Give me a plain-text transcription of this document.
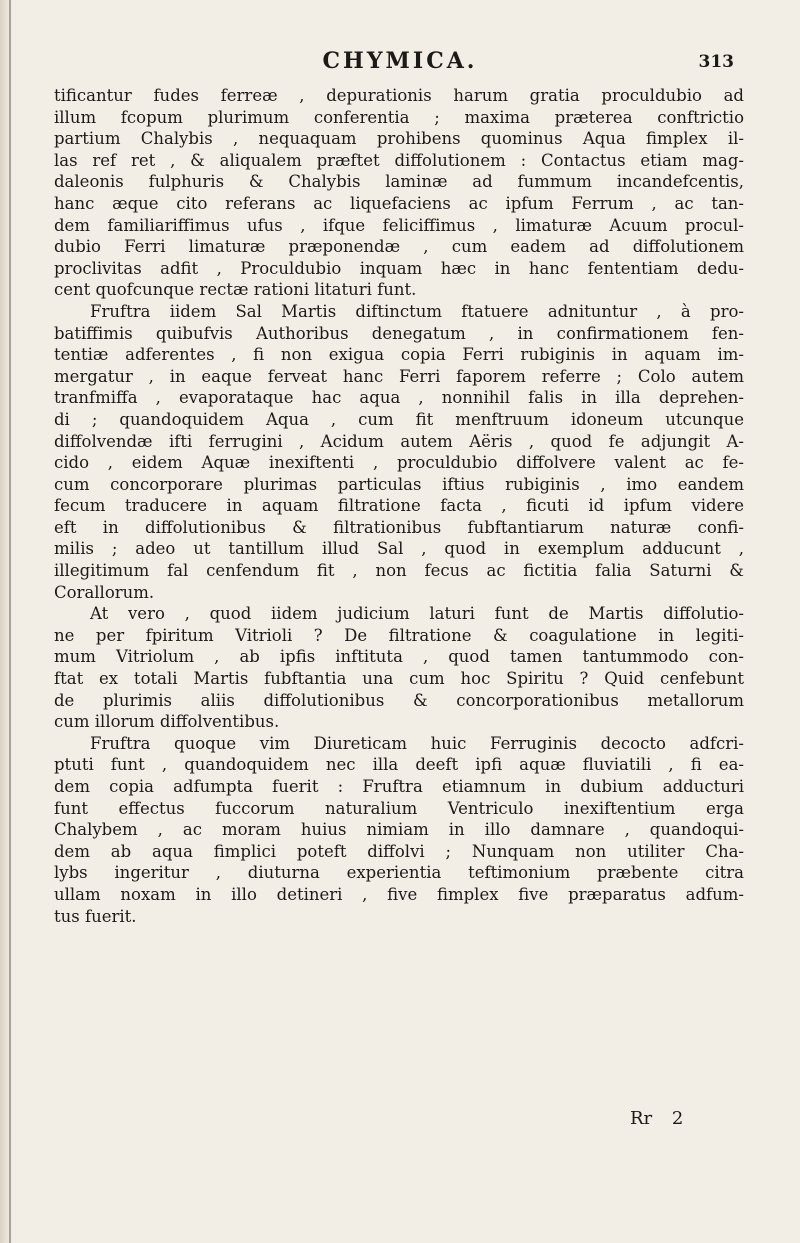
CHYMICA.	313
tificantur fudes ferreæ , depurationis harum gratia proculdubio ad
illum fcopum plurimum conferentia ; maxima præterea conftrictio
partium Chalybis , nequaquam prohibens quominus Aqua fimplex il-
las ref ret , & aliqualem præftet diffolutionem : Contactus etiam mag-
daleonis fulphuris & Chalybis laminæ ad fummum incandefcentis,
hanc æque cito referans ac liquefaciens ac ipfum Ferrum , ac tan-
dem familiariffimus ufus , ifque feliciffimus , limaturæ Acuum procul-
dubio Ferri limaturæ præponendæ , cum eadem ad diffolutionem
proclivitas adfit , Proculdubio inquam hæc in hanc fententiam dedu-
cent quofcunque rectæ rationi litaturi funt.
Fruftra iidem Sal Martis diftinctum ftatuere adnituntur , à pro-
batiffimis quibufvis Authoribus denegatum , in confirmationem fen-
tentiæ adferentes , fi non exigua copia Ferri rubiginis in aquam im-
mergatur , in eaque ferveat hanc Ferri faporem referre ; Colo autem
tranfmiffa , evaporataque hac aqua , nonnihil falis in illa deprehen-
di ; quandoquidem Aqua , cum fit menftruum idoneum utcunque
diffolvendæ ifti ferrugini , Acidum autem Aëris , quod fe adjungit A-
cido , eidem Aquæ inexiftenti , proculdubio diffolvere valent ac fe-
cum concorporare plurimas particulas iftius rubiginis , imo eandem
fecum traducere in aquam filtratione facta , ficuti id ipfum videre
eft in diffolutionibus & filtrationibus fubftantiarum naturæ confi-
milis ; adeo ut tantillum illud Sal , quod in exemplum adducunt ,
illegitimum fal cenfendum fit , non fecus ac fictitia falia Saturni &
Corallorum.
At vero , quod iidem judicium laturi funt de Martis diffolutio-
ne per fpiritum Vitrioli ? De filtratione & coagulatione in legiti-
mum Vitriolum , ab ipfis inftituta , quod tamen tantummodo con-
ftat ex totali Martis fubftantia una cum hoc Spiritu ? Quid cenfebunt
de plurimis aliis diffolutionibus & concorporationibus metallorum
cum illorum diffolventibus.
Fruftra quoque vim Diureticam huic Ferruginis decocto adfcri-
ptuti funt , quandoquidem nec illa deeft ipfi aquæ fluviatili , fi ea-
dem copia adfumpta fuerit : Fruftra etiamnum in dubium adducturi
funt effectus fuccorum naturalium Ventriculo inexiftentium erga
Chalybem , ac moram huius nimiam in illo damnare , quandoqui-
dem ab aqua fimplici poteft diffolvi ; Nunquam non utiliter Cha-
lybs ingeritur , diuturna experientia teftimonium præbente citra
ullam noxam in illo detineri , five fimplex five præparatus adfum-
tus fuerit.
Rr 2
